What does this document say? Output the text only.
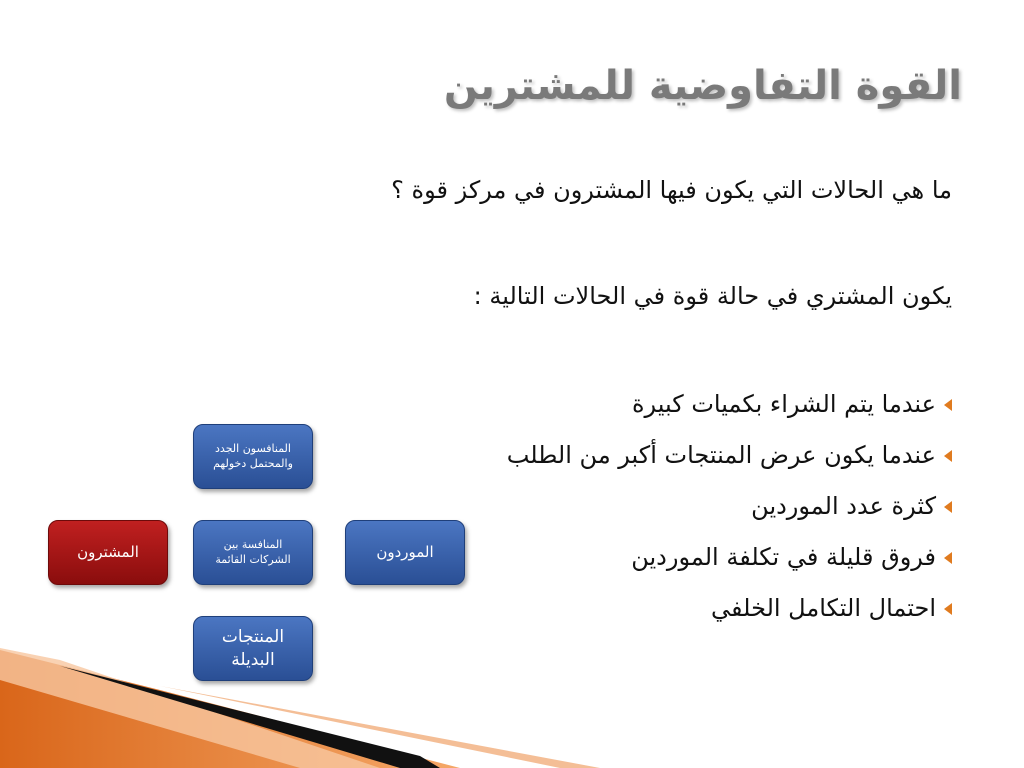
القوة التفاوضية للمشترين

ما هي الحالات التي يكون فيها المشترون في مركز قوة ؟

يكون المشتري في حالة قوة في الحالات التالية :

عندما يتم الشراء بكميات كبيرة
عندما يكون عرض المنتجات أكبر من الطلب
كثرة عدد الموردين
فروق قليلة في تكلفة الموردين
احتمال التكامل الخلفي
المنافسون الجدد
والمحتمل دخولهم
المنافسة بين
الشركات القائمة	الموردون
المشترون
المنتجات
البديلة
